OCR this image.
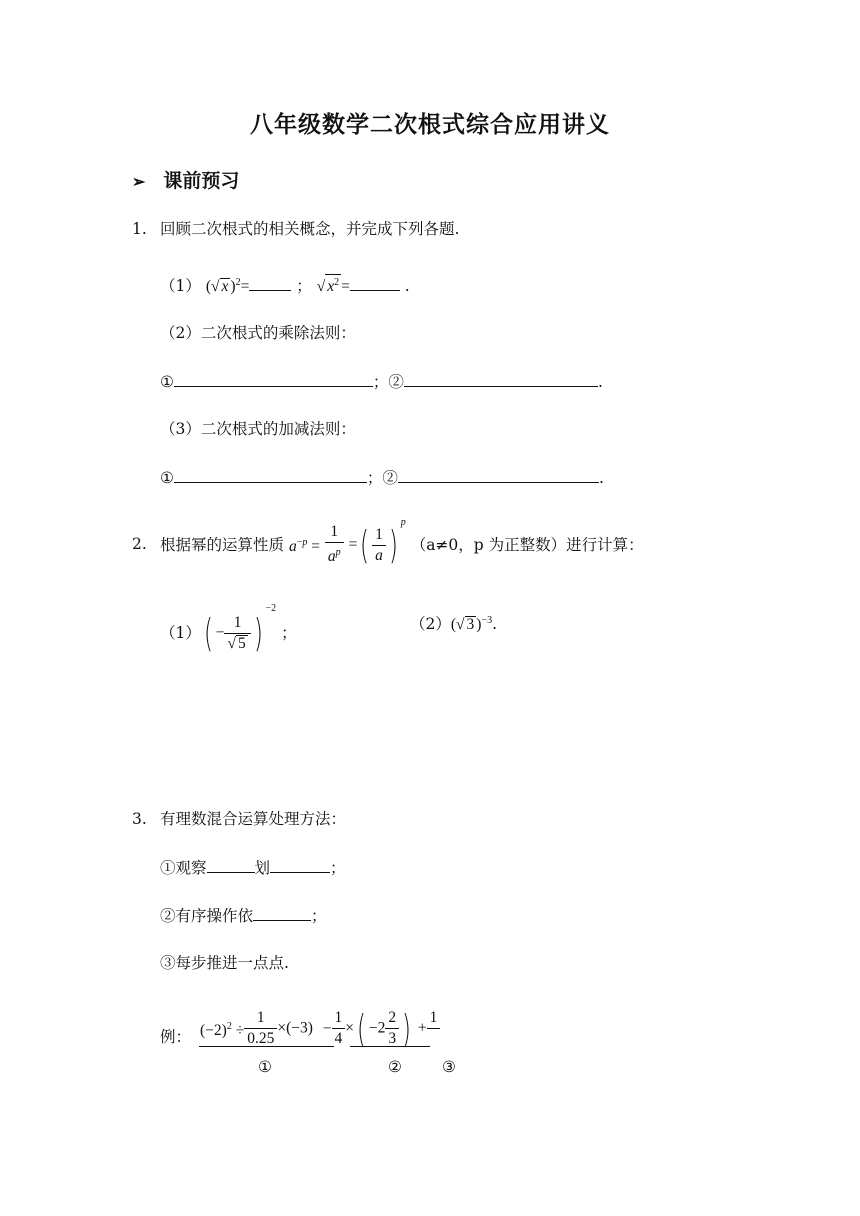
八年级数学二次根式综合应用讲义
➢ 课前预习
1. 回顾二次根式的相关概念，并完成下列各题.
（1） (√ x )$^2$=	； √ $x^2$ =	.
（2）二次根式的乘除法则：
①	；②	.
（3）二次根式的加减法则：
①	；②	.
2. 根据幂的运算性质 $a^{-p} = \frac{1}{a^p}$ =( $\frac{1}{a} )^p$ （a≠0，p 为正整数）进行计算：
$(1)( - \frac{1}{√ 5} )^{-2}$ ；	（2）(√ 3 )$^{-3}$.
3. 有理数混合运算处理方法：
①观察	划	；
②有序操作依	；
③每步推进一点点.
例： $(-2)^2 \div \frac{1}{0.25} \times(-3) - \frac{1}{4}$ ×( $-2 \frac{2}{3}$ ) +
1

①	②	③
